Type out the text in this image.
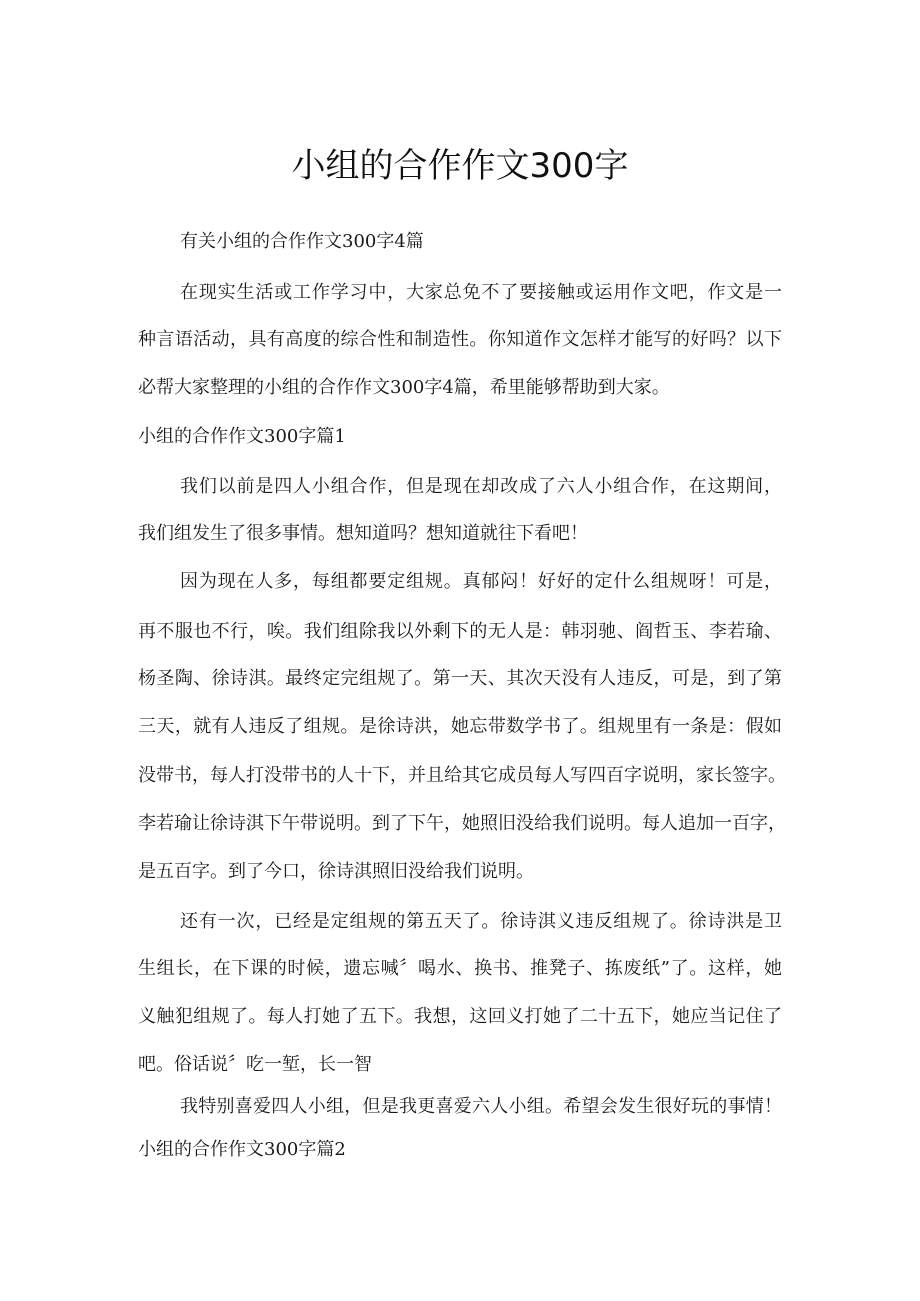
小组的合作作文300字
有关小组的合作作文300字4篇
在现实生活或工作学习中，大家总免不了要接触或运用作文吧，作文是一
种言语活动，具有高度的综合性和制造性。你知道作文怎样才能写的好吗？以下
必帮大家整理的小组的合作作文300字4篇，希里能够帮助到大家。
小组的合作作文300字篇1
我们以前是四人小组合作，但是现在却改成了六人小组合作，在这期间，
我们组发生了很多事情。想知道吗？想知道就往下看吧！
因为现在人多，每组都要定组规。真郁闷！好好的定什么组规呀！可是，
再不服也不行，唉。我们组除我以外剩下的无人是：韩羽驰、阎哲玉、李若瑜、
杨圣陶、徐诗淇。最终定完组规了。第一天、其次天没有人违反，可是，到了第
三天，就有人违反了组规。是徐诗洪，她忘带数学书了。组规里有一条是：假如
没带书，每人打没带书的人十下，并且给其它成员每人写四百字说明，家长签字。
李若瑜让徐诗淇下午带说明。到了下午，她照旧没给我们说明。每人追加一百字，
是五百字。到了今口，徐诗淇照旧没给我们说明。
还有一次，已经是定组规的第五天了。徐诗淇义违反组规了。徐诗洪是卫
生组长，在下课的时候，遗忘喊〞喝水、换书、推凳子、拣废纸”了。这样，她
义触犯组规了。每人打她了五下。我想，这回义打她了二十五下，她应当记住了
吧。俗话说〞吃一堑，长一智
我特别喜爱四人小组，但是我更喜爱六人小组。希望会发生很好玩的事情！
小组的合作作文300字篇2
